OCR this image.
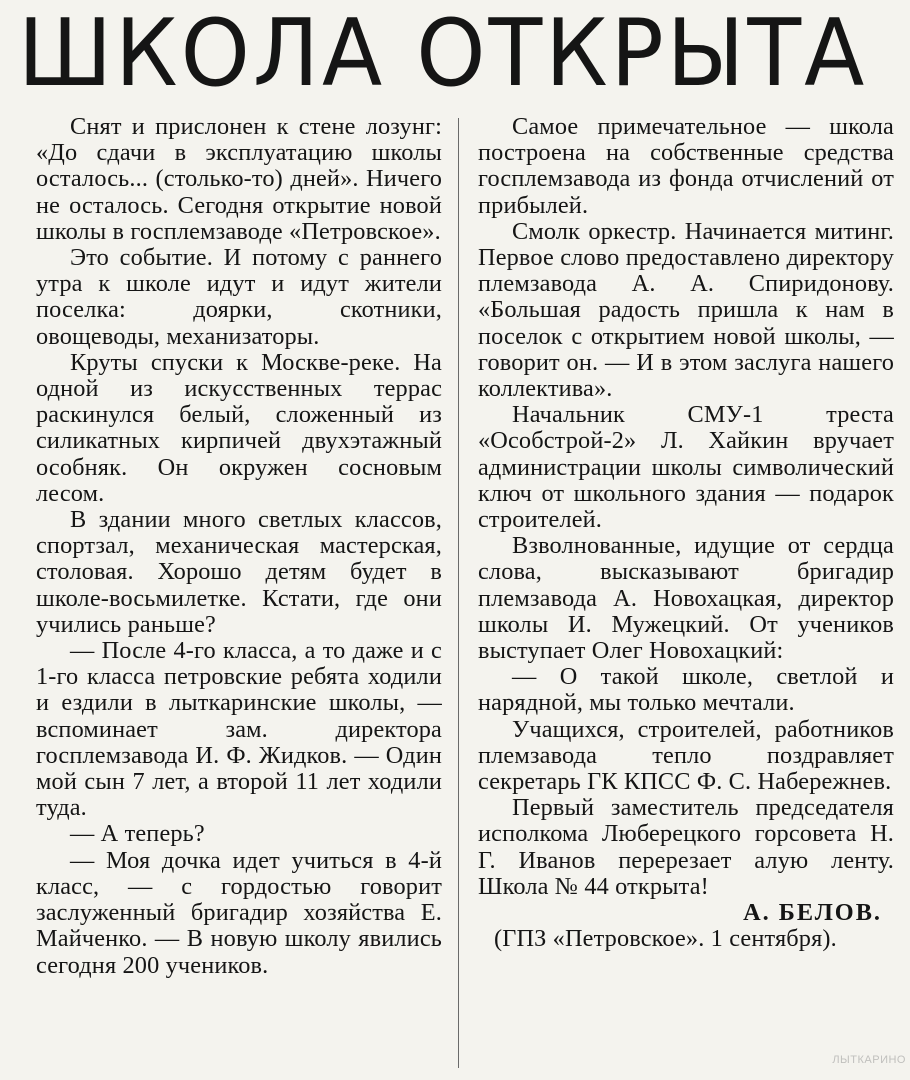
ШКОЛА ОТКРЫТА

Снят и прислонен к стене лозунг: «До сдачи в эксплуатацию школы осталось... (столько-то) дней». Ничего не осталось. Сегодня открытие новой школы в госплемзаводе «Петровское».

Это событие. И потому с раннего утра к школе идут и идут жители поселка: доярки, скотники, овощеводы, механизаторы.

Круты спуски к Москве-реке. На одной из искусственных террас раскинулся белый, сложенный из силикатных кирпичей двухэтажный особняк. Он окружен сосновым лесом.

В здании много светлых классов, спортзал, механическая мастерская, столовая. Хорошо детям будет в школе-восьмилетке. Кстати, где они учились раньше?

— После 4-го класса, а то даже и с 1-го класса петровские ребята ходили и ездили в лыткаринские школы, — вспоминает зам. директора госплемзавода И. Ф. Жидков. — Один мой сын 7 лет, а второй 11 лет ходили туда.

— А теперь?

— Моя дочка идет учиться в 4-й класс, — с гордостью говорит заслуженный бригадир хозяйства Е. Майченко. — В новую школу явились сегодня 200 учеников.

Самое примечательное — школа построена на собственные средства госплемзавода из фонда отчислений от прибылей.

Смолк оркестр. Начинается митинг. Первое слово предоставлено директору племзавода А. А. Спиридонову. «Большая радость пришла к нам в поселок с открытием новой школы, — говорит он. — И в этом заслуга нашего коллектива».

Начальник СМУ-1 треста «Особстрой-2» Л. Хайкин вручает администрации школы символический ключ от школьного здания — подарок строителей.

Взволнованные, идущие от сердца слова, высказывают бригадир племзавода А. Новохацкая, директор школы И. Мужецкий. От учеников выступает Олег Новохацкий:

— О такой школе, светлой и нарядной, мы только мечтали.

Учащихся, строителей, работников племзавода тепло поздравляет секретарь ГК КПСС Ф. С. Набережнев.

Первый заместитель председателя исполкома Люберецкого горсовета Н. Г. Иванов перерезает алую ленту. Школа № 44 открыта!

А. БЕЛОВ.

(ГПЗ «Петровское». 1 сентября).

ЛЫТКАРИНО
